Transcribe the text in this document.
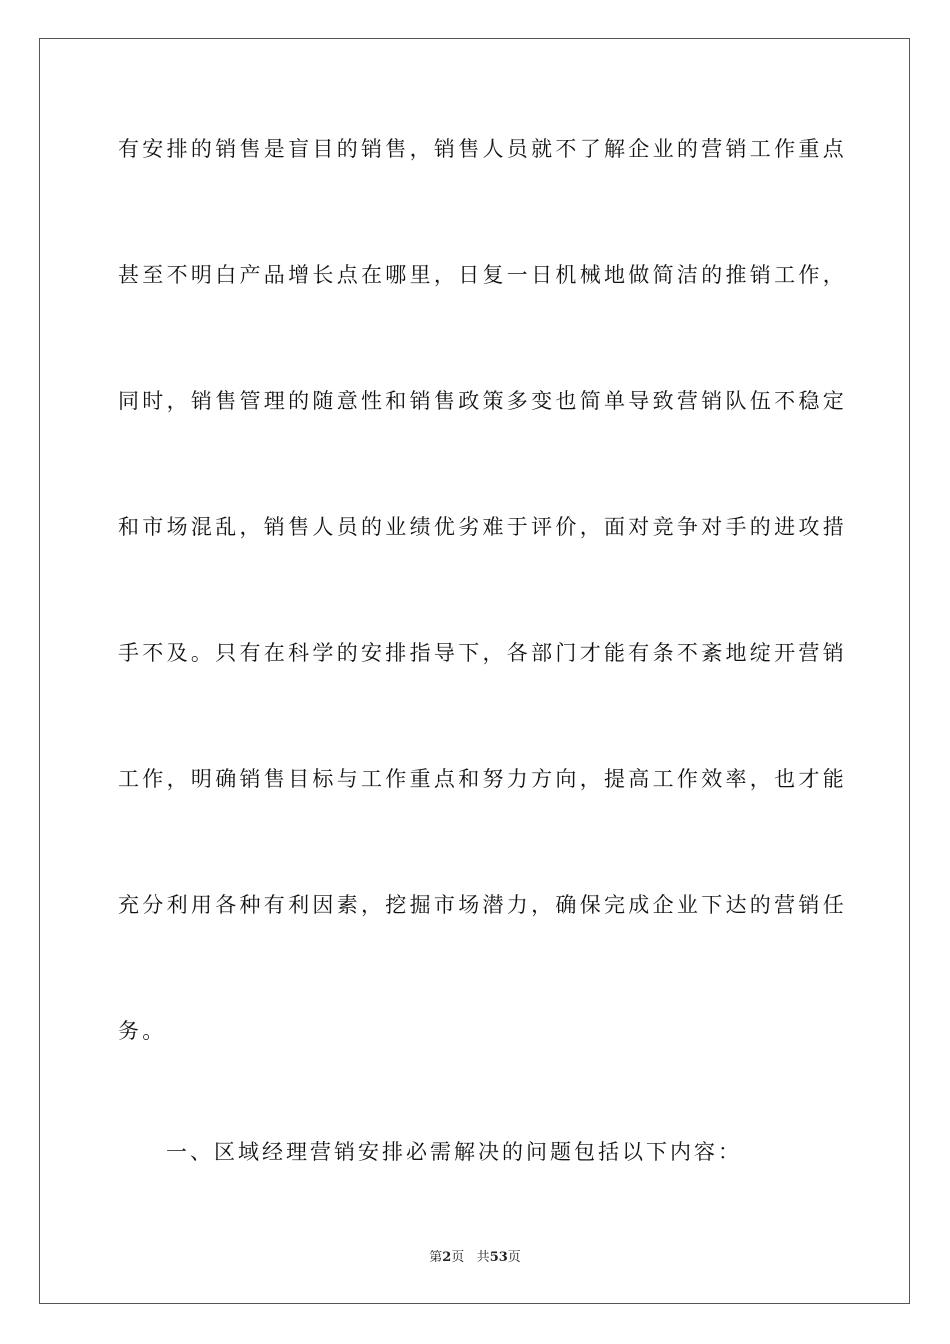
有安排的销售是盲目的销售，销售人员就不了解企业的营销工作重点
甚至不明白产品增长点在哪里，日复一日机械地做简洁的推销工作，
同时，销售管理的随意性和销售政策多变也简单导致营销队伍不稳定
和市场混乱，销售人员的业绩优劣难于评价，面对竞争对手的进攻措
手不及。只有在科学的安排指导下，各部门才能有条不紊地绽开营销
工作，明确销售目标与工作重点和努力方向，提高工作效率，也才能
充分利用各种有利因素，挖掘市场潜力，确保完成企业下达的营销任
务。
一、区域经理营销安排必需解决的问题包括以下内容：
第2页 共53页
